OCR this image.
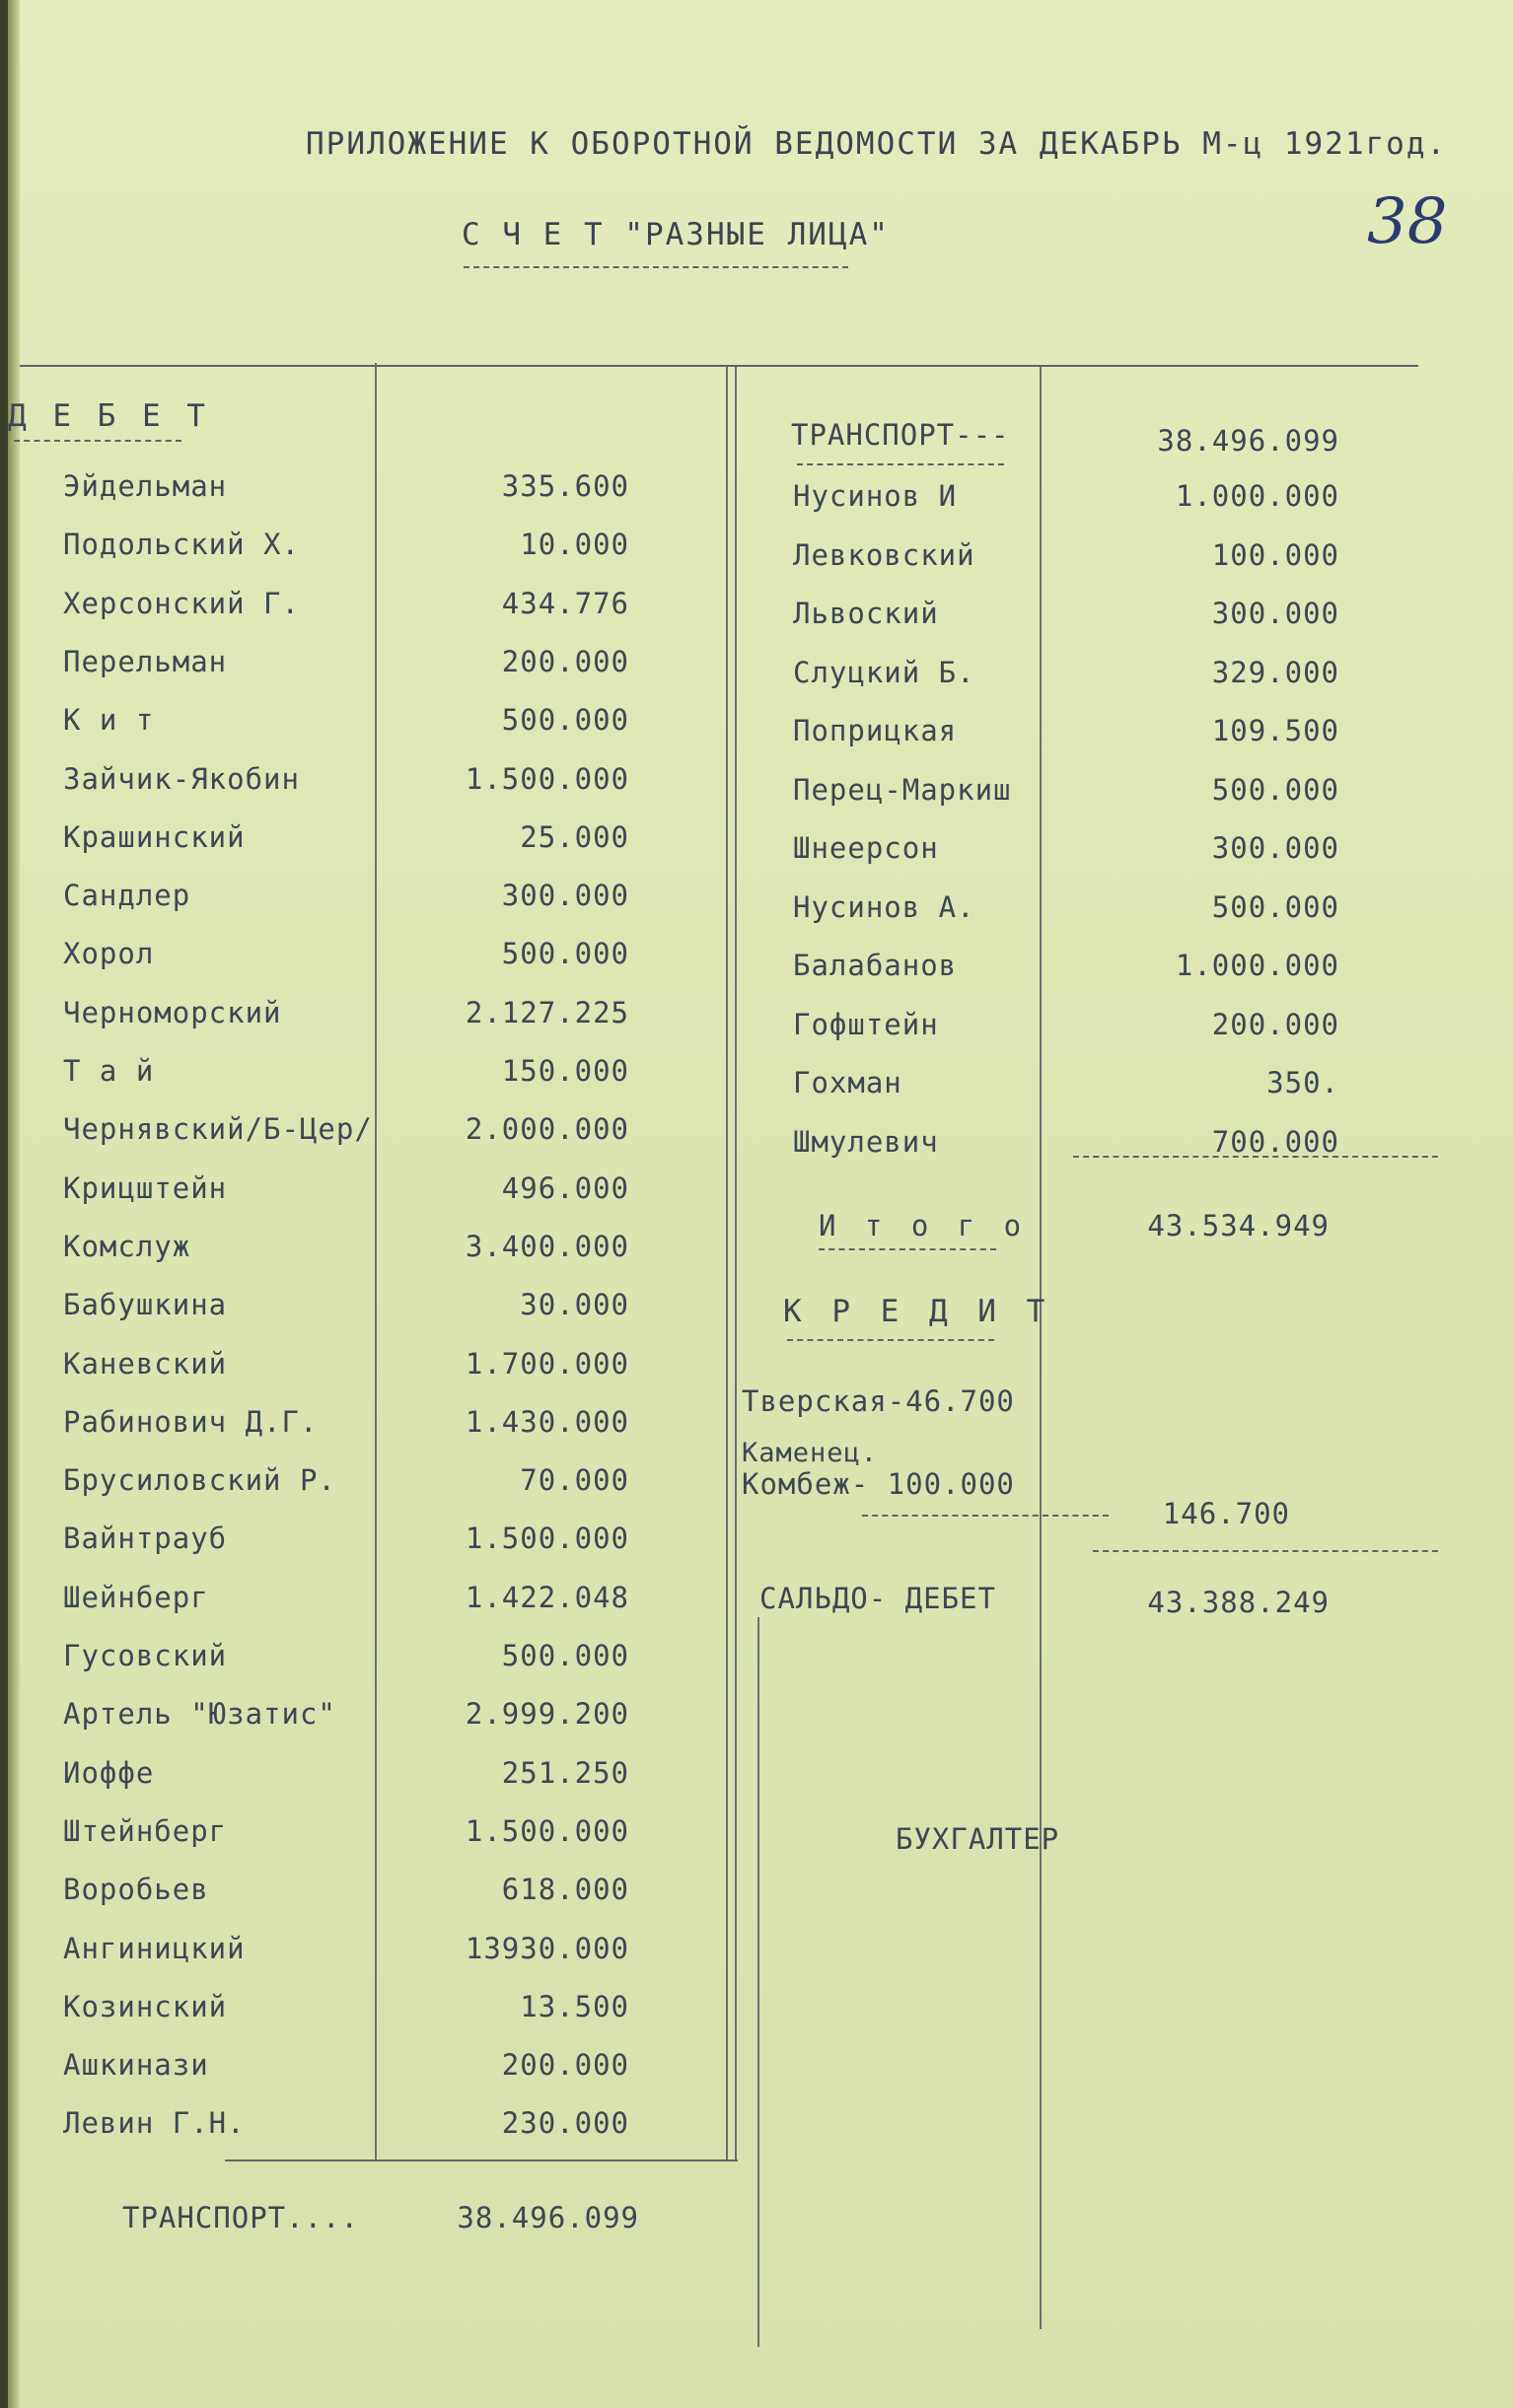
ПРИЛОЖЕНИЕ К ОБОРОТНОЙ ВЕДОМОСТИ ЗА ДЕКАБРЬ М-ц 1921год.
С Ч Е Т "РАЗНЫЕ ЛИЦА"	38
Д Е Б Е Т
Эйдельман	335.600
Подольский Х.	10.000
Херсонский Г.	434.776
Перельман	200.000
К и т	500.000
Зайчик-Якобин	1.500.000
Крашинский	25.000
Сандлер	300.000
Хорол	500.000
Черноморский	2.127.225
Т а й	150.000
Чернявский/Б-Цер/	2.000.000
Крицштейн	496.000
Комслуж	3.400.000
Бабушкина	30.000
Каневский	1.700.000
Рабинович Д.Г.	1.430.000
Брусиловский Р.	70.000
Вайнтрауб	1.500.000
Шейнберг	1.422.048
Гусовский	500.000
Артель "Юзатис"	2.999.200
Иоффе	251.250
Штейнберг	1.500.000
Воробьев	618.000
Ангиницкий	13930.000
Козинский	13.500
Ашкинази	200.000
Левин Г.Н.	230.000
ТРАНСПОРТ....	38.496.099
ТРАНСПОРТ---	38.496.099
Нусинов И	1.000.000
Левковский	100.000
Львоский	300.000
Слуцкий Б.	329.000
Поприцкая	109.500
Перец-Маркиш	500.000
Шнеерсон	300.000
Нусинов А.	500.000
Балабанов	1.000.000
Гофштейн	200.000
Гохман	350.
Шмулевич	700.000
И т о г о	43.534.949
К Р Е Д И Т
Тверская-46.700
Каменец.
Комбеж- 100.000
146.700
САЛЬДО- ДЕБЕТ	43.388.249
БУХГАЛТЕР
